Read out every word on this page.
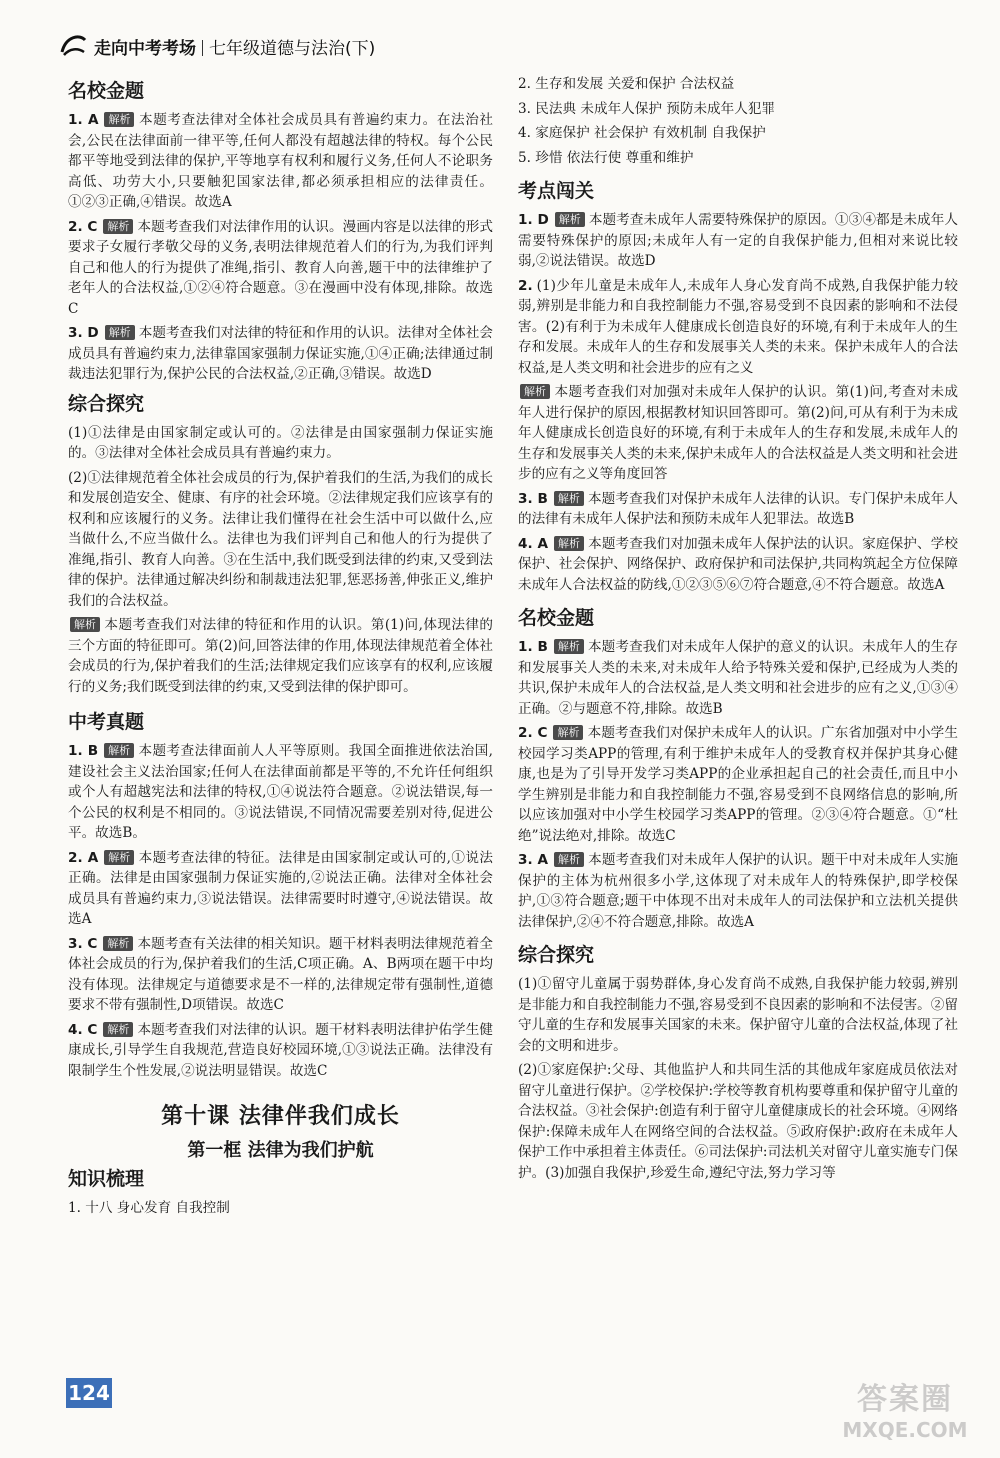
走向中考考场 七年级道德与法治(下)
名校金题
1. A 解析 本题考查法律对全体社会成员具有普遍约束力。在法治社会,公民在法律面前一律平等,任何人都没有超越法律的特权。每个公民都平等地受到法律的保护,平等地享有权利和履行义务,任何人不论职务高低、功劳大小,只要触犯国家法律,都必须承担相应的法律责任。①②③正确,④错误。故选A
2. C 解析 本题考查我们对法律作用的认识。漫画内容是以法律的形式要求子女履行孝敬父母的义务,表明法律规范着人们的行为,为我们评判自己和他人的行为提供了准绳,指引、教育人向善,题干中的法律维护了老年人的合法权益,①②④符合题意。③在漫画中没有体现,排除。故选C
3. D 解析 本题考查我们对法律的特征和作用的认识。法律对全体社会成员具有普遍约束力,法律靠国家强制力保证实施,①④正确;法律通过制裁违法犯罪行为,保护公民的合法权益,②正确,③错误。故选D
综合探究
(1)①法律是由国家制定或认可的。②法律是由国家强制力保证实施的。③法律对全体社会成员具有普遍约束力。
(2)①法律规范着全体社会成员的行为,保护着我们的生活,为我们的成长和发展创造安全、健康、有序的社会环境。②法律规定我们应该享有的权利和应该履行的义务。法律让我们懂得在社会生活中可以做什么,应当做什么,不应当做什么。法律也为我们评判自己和他人的行为提供了准绳,指引、教育人向善。③在生活中,我们既受到法律的约束,又受到法律的保护。法律通过解决纠纷和制裁违法犯罪,惩恶扬善,伸张正义,维护我们的合法权益。
解析 本题考查我们对法律的特征和作用的认识。第(1)问,体现法律的三个方面的特征即可。第(2)问,回答法律的作用,体现法律规范着全体社会成员的行为,保护着我们的生活;法律规定我们应该享有的权利,应该履行的义务;我们既受到法律的约束,又受到法律的保护即可。
中考真题
1. B 解析 本题考查法律面前人人平等原则。我国全面推进依法治国,建设社会主义法治国家;任何人在法律面前都是平等的,不允许任何组织或个人有超越宪法和法律的特权,①④说法符合题意。②说法错误,每一个公民的权利是不相同的。③说法错误,不同情况需要差别对待,促进公平。故选B。
2. A 解析 本题考查法律的特征。法律是由国家制定或认可的,①说法正确。法律是由国家强制力保证实施的,②说法正确。法律对全体社会成员具有普遍约束力,③说法错误。法律需要时时遵守,④说法错误。故选A
3. C 解析 本题考查有关法律的相关知识。题干材料表明法律规范着全体社会成员的行为,保护着我们的生活,C项正确。A、B两项在题干中均没有体现。法律规定与道德要求是不一样的,法律规定带有强制性,道德要求不带有强制性,D项错误。故选C
4. C 解析 本题考查我们对法律的认识。题干材料表明法律护佑学生健康成长,引导学生自我规范,营造良好校园环境,①③说法正确。法律没有限制学生个性发展,②说法明显错误。故选C
第十课 法律伴我们成长
第一框 法律为我们护航
知识梳理
1. 十八 身心发育 自我控制
2. 生存和发展 关爱和保护 合法权益
3. 民法典 未成年人保护 预防未成年人犯罪
4. 家庭保护 社会保护 有效机制 自我保护
5. 珍惜 依法行使 尊重和维护
考点闯关
1. D 解析 本题考查未成年人需要特殊保护的原因。①③④都是未成年人需要特殊保护的原因;未成年人有一定的自我保护能力,但相对来说比较弱,②说法错误。故选D
2. (1)少年儿童是未成年人,未成年人身心发育尚不成熟,自我保护能力较弱,辨别是非能力和自我控制能力不强,容易受到不良因素的影响和不法侵害。(2)有利于为未成年人健康成长创造良好的环境,有利于未成年人的生存和发展。未成年人的生存和发展事关人类的未来。保护未成年人的合法权益,是人类文明和社会进步的应有之义
解析 本题考查我们对加强对未成年人保护的认识。第(1)问,考查对未成年人进行保护的原因,根据教材知识回答即可。第(2)问,可从有利于为未成年人健康成长创造良好的环境,有利于未成年人的生存和发展,未成年人的生存和发展事关人类的未来,保护未成年人的合法权益是人类文明和社会进步的应有之义等角度回答
3. B 解析 本题考查我们对保护未成年人法律的认识。专门保护未成年人的法律有未成年人保护法和预防未成年人犯罪法。故选B
4. A 解析 本题考查我们对加强未成年人保护法的认识。家庭保护、学校保护、社会保护、网络保护、政府保护和司法保护,共同构筑起全方位保障未成年人合法权益的防线,①②③⑤⑥⑦符合题意,④不符合题意。故选A
名校金题
1. B 解析 本题考查我们对未成年人保护的意义的认识。未成年人的生存和发展事关人类的未来,对未成年人给予特殊关爱和保护,已经成为人类的共识,保护未成年人的合法权益,是人类文明和社会进步的应有之义,①③④正确。②与题意不符,排除。故选B
2. C 解析 本题考查我们对保护未成年人的认识。广东省加强对中小学生校园学习类APP的管理,有利于维护未成年人的受教育权并保护其身心健康,也是为了引导开发学习类APP的企业承担起自己的社会责任,而且中小学生辨别是非能力和自我控制能力不强,容易受到不良网络信息的影响,所以应该加强对中小学生校园学习类APP的管理。②③④符合题意。①“杜绝”说法绝对,排除。故选C
3. A 解析 本题考查我们对未成年人保护的认识。题干中对未成年人实施保护的主体为杭州很多小学,这体现了对未成年人的特殊保护,即学校保护,①③符合题意;题干中体现不出对未成年人的司法保护和立法机关提供法律保护,②④不符合题意,排除。故选A
综合探究
(1)①留守儿童属于弱势群体,身心发育尚不成熟,自我保护能力较弱,辨别是非能力和自我控制能力不强,容易受到不良因素的影响和不法侵害。②留守儿童的生存和发展事关国家的未来。保护留守儿童的合法权益,体现了社会的文明和进步。
(2)①家庭保护:父母、其他监护人和共同生活的其他成年家庭成员依法对留守儿童进行保护。②学校保护:学校等教育机构要尊重和保护留守儿童的合法权益。③社会保护:创造有利于留守儿童健康成长的社会环境。④网络保护:保障未成年人在网络空间的合法权益。⑤政府保护:政府在未成年人保护工作中承担着主体责任。⑥司法保护:司法机关对留守儿童实施专门保护。(3)加强自我保护,珍爱生命,遵纪守法,努力学习等
124	答案圈
MXQE.COM
